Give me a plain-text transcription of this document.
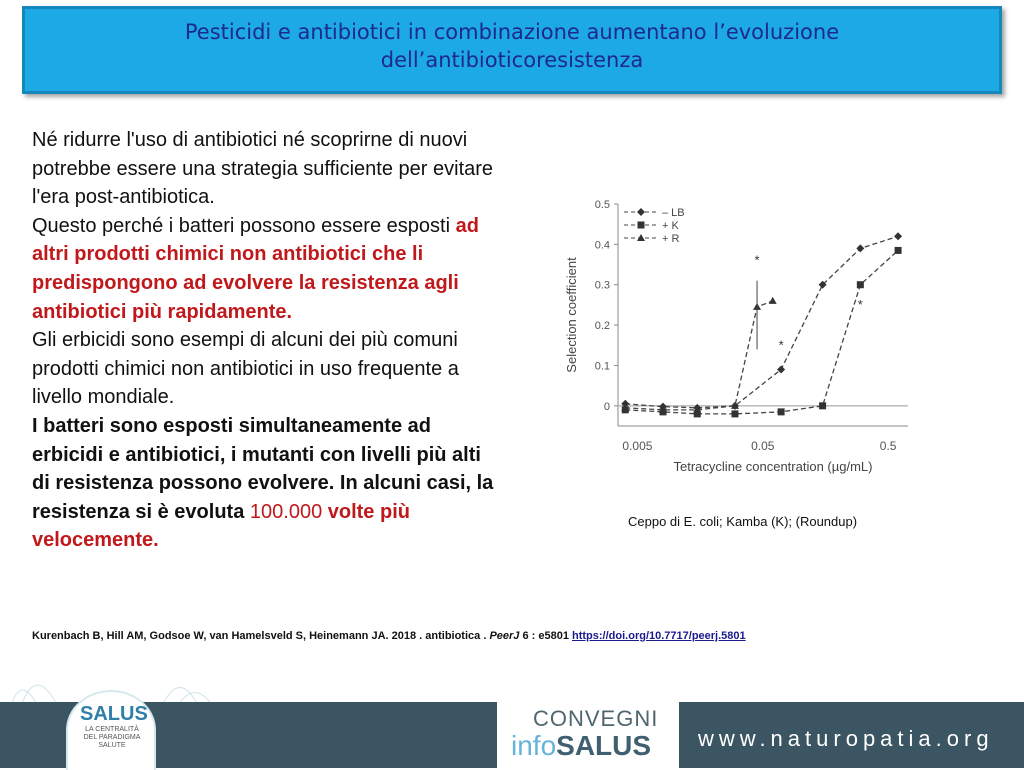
Pesticidi e antibiotici in combinazione aumentano l’evoluzione
dell’antibioticoresistenza
Né ridurre l'uso di antibiotici né scoprirne di nuovi potrebbe essere una strategia sufficiente per evitare l'era post-antibiotica.
Questo perché i batteri possono essere esposti ad altri prodotti chimici non antibiotici che li predispongono ad evolvere la resistenza agli antibiotici più rapidamente.
Gli erbicidi sono esempi di alcuni dei più comuni prodotti chimici non antibiotici in uso frequente a livello mondiale.
I batteri sono esposti simultaneamente ad erbicidi e antibiotici, i mutanti con livelli più alti di resistenza possono evolvere. In alcuni casi, la resistenza si è evoluta 100.000 volte più velocemente.
0
0.1
0.2
0.3
0.4
0.5
0.005	0.05	0.5
Tetracycline concentration (µg/mL)
Selection coefficient	*
*
*
– LB
+ K
+ R
Ceppo di E. coli; Kamba (K); (Roundup)
Kurenbach B, Hill AM, Godsoe W, van Hamelsveld S, Heinemann JA. 2018 . antibiotica . PeerJ 6 : e5801 https://doi.org/10.7717/peerj.5801
SALUS
LA CENTRALITÀ DEL PARADIGMA SALUTE
CONVEGNI
infoSALUS www.naturopatia.org
